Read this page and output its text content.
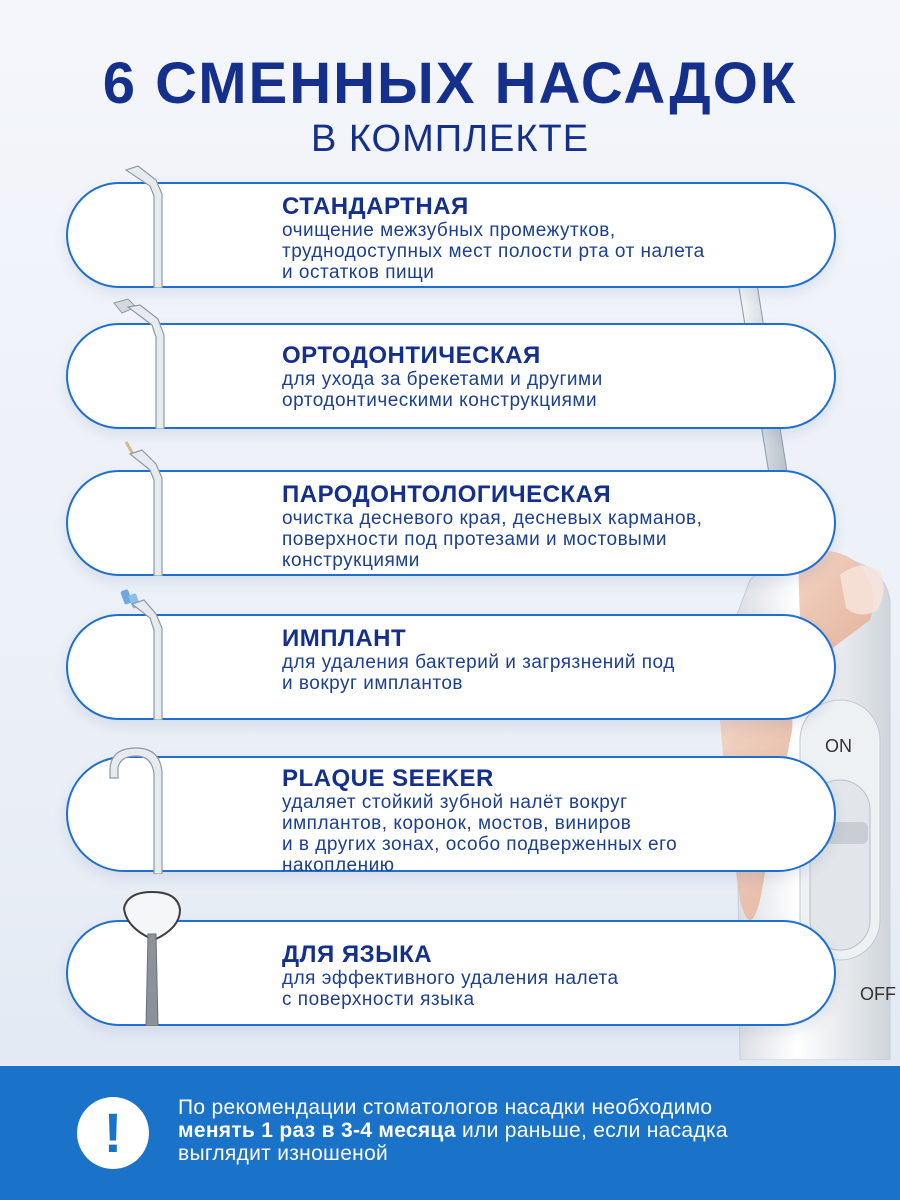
6 СМЕННЫХ НАСАДОК
В КОМПЛЕКТЕ
ON
OFF
СТАНДАРТНАЯ
очищение межзубных промежутков,
труднодоступных мест полости рта от налета
и остатков пищи
ОРТОДОНТИЧЕСКАЯ
для ухода за брекетами и другими
ортодонтическими конструкциями
ПАРОДОНТОЛОГИЧЕСКАЯ
очистка десневого края, десневых карманов,
поверхности под протезами и мостовыми
конструкциями
ИМПЛАНТ
для удаления бактерий и загрязнений под
и вокруг имплантов
PLAQUE SEEKER
удаляет стойкий зубной налёт вокруг
имплантов, коронок, мостов, виниров
и в других зонах, особо подверженных его
накоплению
ДЛЯ ЯЗЫКА
для эффективного удаления налета
с поверхности языка
!	По рекомендации стоматологов насадки необходимо
менять 1 раз в 3-4 месяца или раньше, если насадка
выглядит изношеной
